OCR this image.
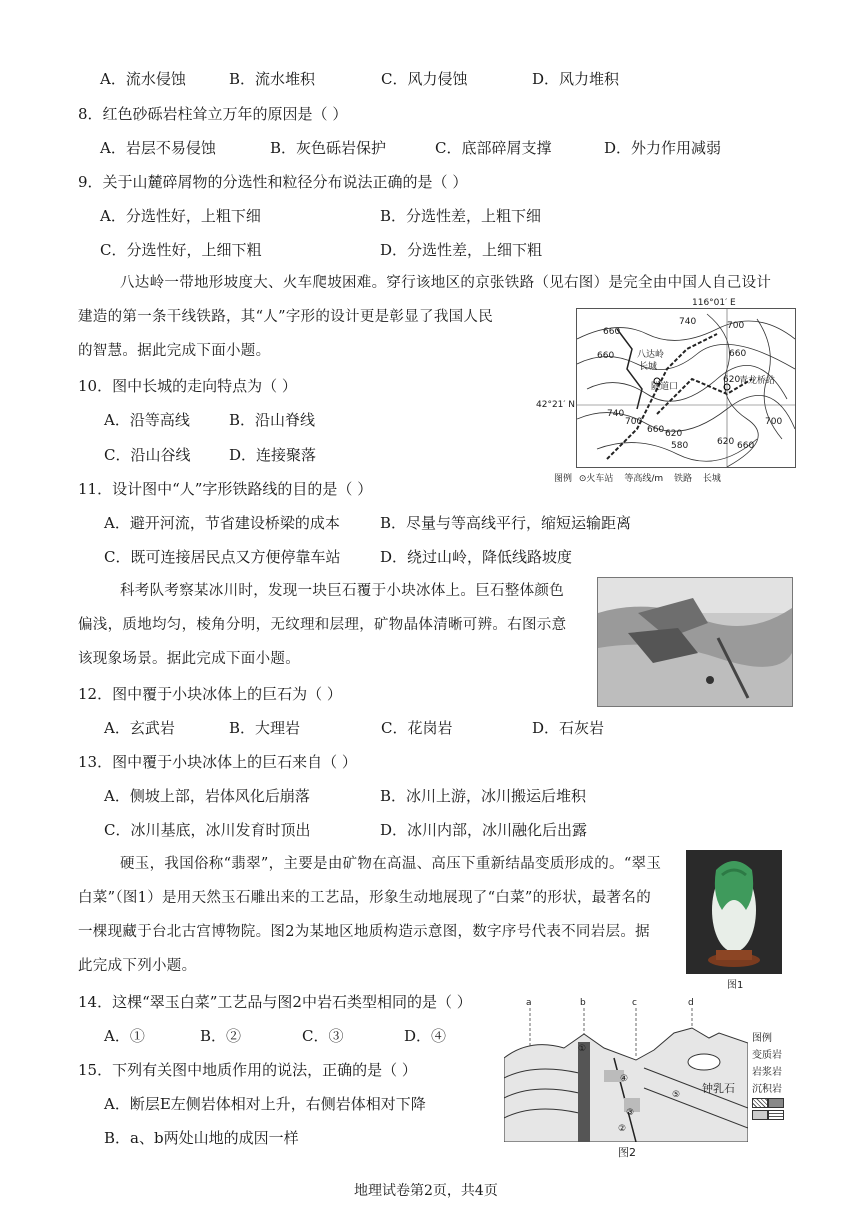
A．流水侵蚀	B．流水堆积	C．风力侵蚀	D．风力堆积
8．红色砂砾岩柱耸立万年的原因是（ ）
A．岩层不易侵蚀	B．灰色砾岩保护	C．底部碎屑支撑	D．外力作用减弱
9．关于山麓碎屑物的分选性和粒径分布说法正确的是（ ）
A．分选性好，上粗下细	B．分选性差，上粗下细
C．分选性好，上细下粗	D．分选性差，上细下粗
八达岭一带地形坡度大、火车爬坡困难。穿行该地区的京张铁路（见右图）是完全由中国人自己设计
建造的第一条干线铁路，其“人”字形的设计更是彰显了我国人民
的智慧。据此完成下面小题。
660
740	700
660	660
620
740
700
660 620
580	620 660
700
八达岭
长城
隧道口
青龙桥站
116°01′ E
42°21′ N
图例 ⊙火车站 等高线/m 铁路 长城
10．图中长城的走向特点为（ ）
A．沿等高线	B．沿山脊线
C．沿山谷线	D．连接聚落
11．设计图中“人”字形铁路线的目的是（ ）
A．避开河流，节省建设桥梁的成本	B．尽量与等高线平行，缩短运输距离
C．既可连接居民点又方便停靠车站	D．绕过山岭，降低线路坡度
科考队考察某冰川时，发现一块巨石覆于小块冰体上。巨石整体颜色
偏浅，质地均匀，棱角分明，无纹理和层理，矿物晶体清晰可辨。右图示意
该现象场景。据此完成下面小题。
12．图中覆于小块冰体上的巨石为（ ）
A．玄武岩	B．大理岩	C．花岗岩	D．石灰岩
13．图中覆于小块冰体上的巨石来自（ ）
A．侧坡上部，岩体风化后崩落	B．冰川上游，冰川搬运后堆积
C．冰川基底，冰川发育时顶出	D．冰川内部，冰川融化后出露
硬玉，我国俗称“翡翠”，主要是由矿物在高温、高压下重新结晶变质形成的。“翠玉
白菜”（图1）是用天然玉石雕出来的工艺品，形象生动地展现了“白菜”的形状，最著名的
一棵现藏于台北古宫博物院。图2为某地区地质构造示意图，数字序号代表不同岩层。据
此完成下列小题。
图1
14．这棵“翠玉白菜”工艺品与图2中岩石类型相同的是（ ）
A．①	B．②	C．③	D．④
15．下列有关图中地质作用的说法，正确的是（ ）
A．断层E左侧岩体相对上升，右侧岩体相对下降
B．a、b两处山地的成因一样
a	b	c	d
①
②
③
④
⑤ 钟乳石
图例
变质岩
岩浆岩
沉积岩
图2
地理试卷第2页，共4页
